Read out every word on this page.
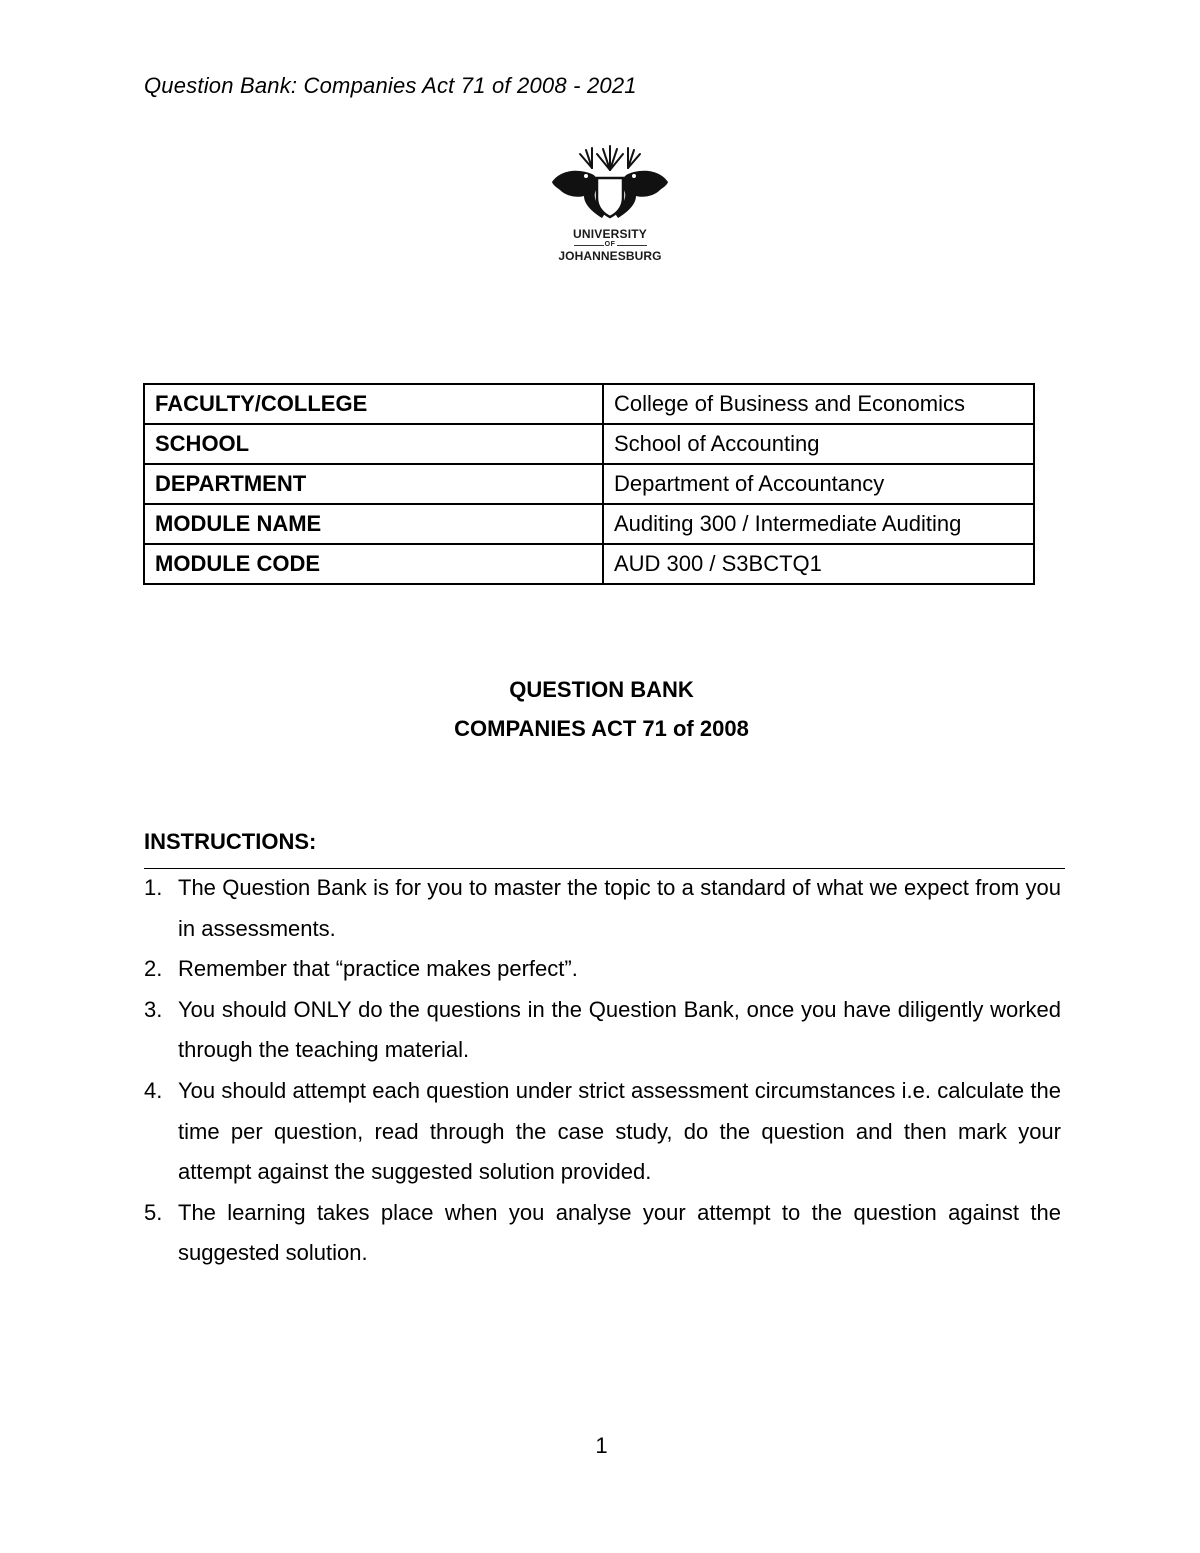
Question Bank: Companies Act 71 of 2008 - 2021
UNIVERSITY
OF
JOHANNESBURG
FACULTY/COLLEGE	College of Business and Economics
SCHOOL	School of Accounting
DEPARTMENT	Department of Accountancy
MODULE NAME	Auditing 300 / Intermediate Auditing
MODULE CODE	AUD 300 / S3BCTQ1
QUESTION BANK
COMPANIES ACT 71 of 2008
INSTRUCTIONS:
1. The Question Bank is for you to master the topic to a standard of what we expect from you in assessments.
2. Remember that “practice makes perfect”.
3. You should ONLY do the questions in the Question Bank, once you have diligently worked through the teaching material.
4. You should attempt each question under strict assessment circumstances i.e. calculate the time per question, read through the case study, do the question and then mark your attempt against the suggested solution provided.
5. The learning takes place when you analyse your attempt to the question against the suggested solution.
1
